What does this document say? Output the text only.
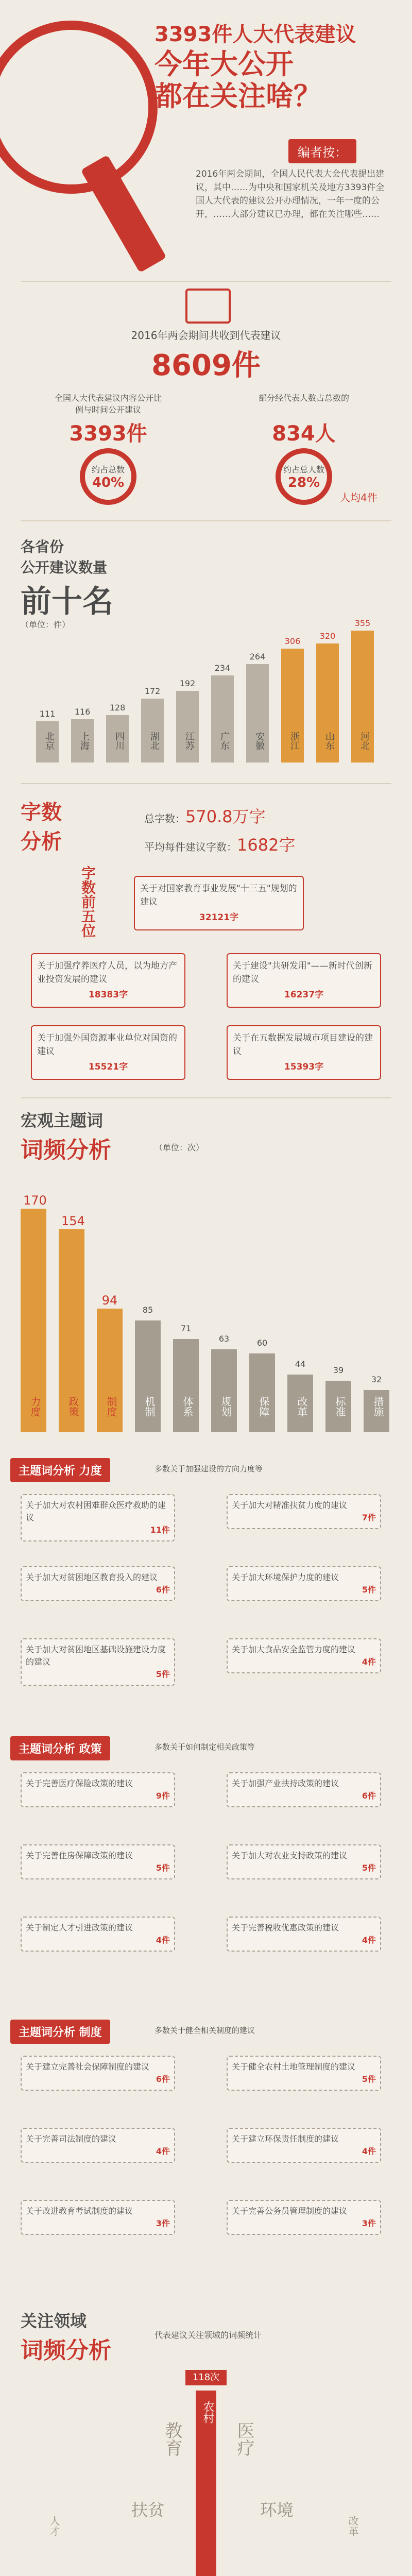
3393件人大代表建议
今年大公开
都在关注啥？
编者按：
2016年两会期间，全国人民代表大会代表提出建议，其中……为中央和国家机关及地方3393件全国人大代表的建议公开办理情况，一年一度的公开，……大部分建议已办理，都在关注哪些……
2016年两会期间共收到代表建议
8609件
全国人大代表建议内容公开比例与时间公开建议
3393件
约占总数
40%
部分经代表人数占总数的
834人
约占总人数
28%
人均4件
各省份
公开建议数量
前十名
（单位：件）
字数
分析
总字数：570.8万字
平均每件建议字数：1682字
字数前五位	关于对国家教育事业发展"十三五"规划的建议
32121字
宏观主题词
词频分析	（单位：次）
关注领域
词频分析
代表建议关注领域的词频统计
118次
农村

111
北京
116
上海
128
四川
172
湖北
192
江苏
234
广东
264
安徽
306
浙江
320
山东
355
河北
关于加强疗养医疗人员，以为地方产业投资发展的建议
18383字
关于建设"共研发用"——新时代创新的建议
16237字
关于加强外国资源事业单位对国资的建议
15521字
关于在五数据发展城市项目建设的建议
15393字
170
力度
154
政策
94
制度
85
机制
71
体系
63
规划
60
保障
44
改革
39
标准
32
措施
主题词分析 力度	多数关于加强建设的方向力度等
关于加大对农村困难群众医疗救助的建议
11件
关于加大对精准扶贫力度的建议
7件
关于加大对贫困地区教育投入的建议
6件
关于加大环境保护力度的建议
5件
关于加大对贫困地区基础设施建设力度的建议
5件
关于加大食品安全监管力度的建议
4件
主题词分析 政策	多数关于如何制定相关政策等
关于完善医疗保险政策的建议
9件
关于加强产业扶持政策的建议
6件
关于完善住房保障政策的建议
5件
关于加大对农业支持政策的建议
5件
关于制定人才引进政策的建议
4件
关于完善税收优惠政策的建议
4件
主题词分析 制度	多数关于健全相关制度的建议
关于建立完善社会保障制度的建议
6件
关于健全农村土地管理制度的建议
5件
关于完善司法制度的建议
4件
关于建立环保责任制度的建议
4件
关于改进教育考试制度的建议
3件
关于完善公务员管理制度的建议
3件
教育	医疗
扶贫	环境
人才	改革
